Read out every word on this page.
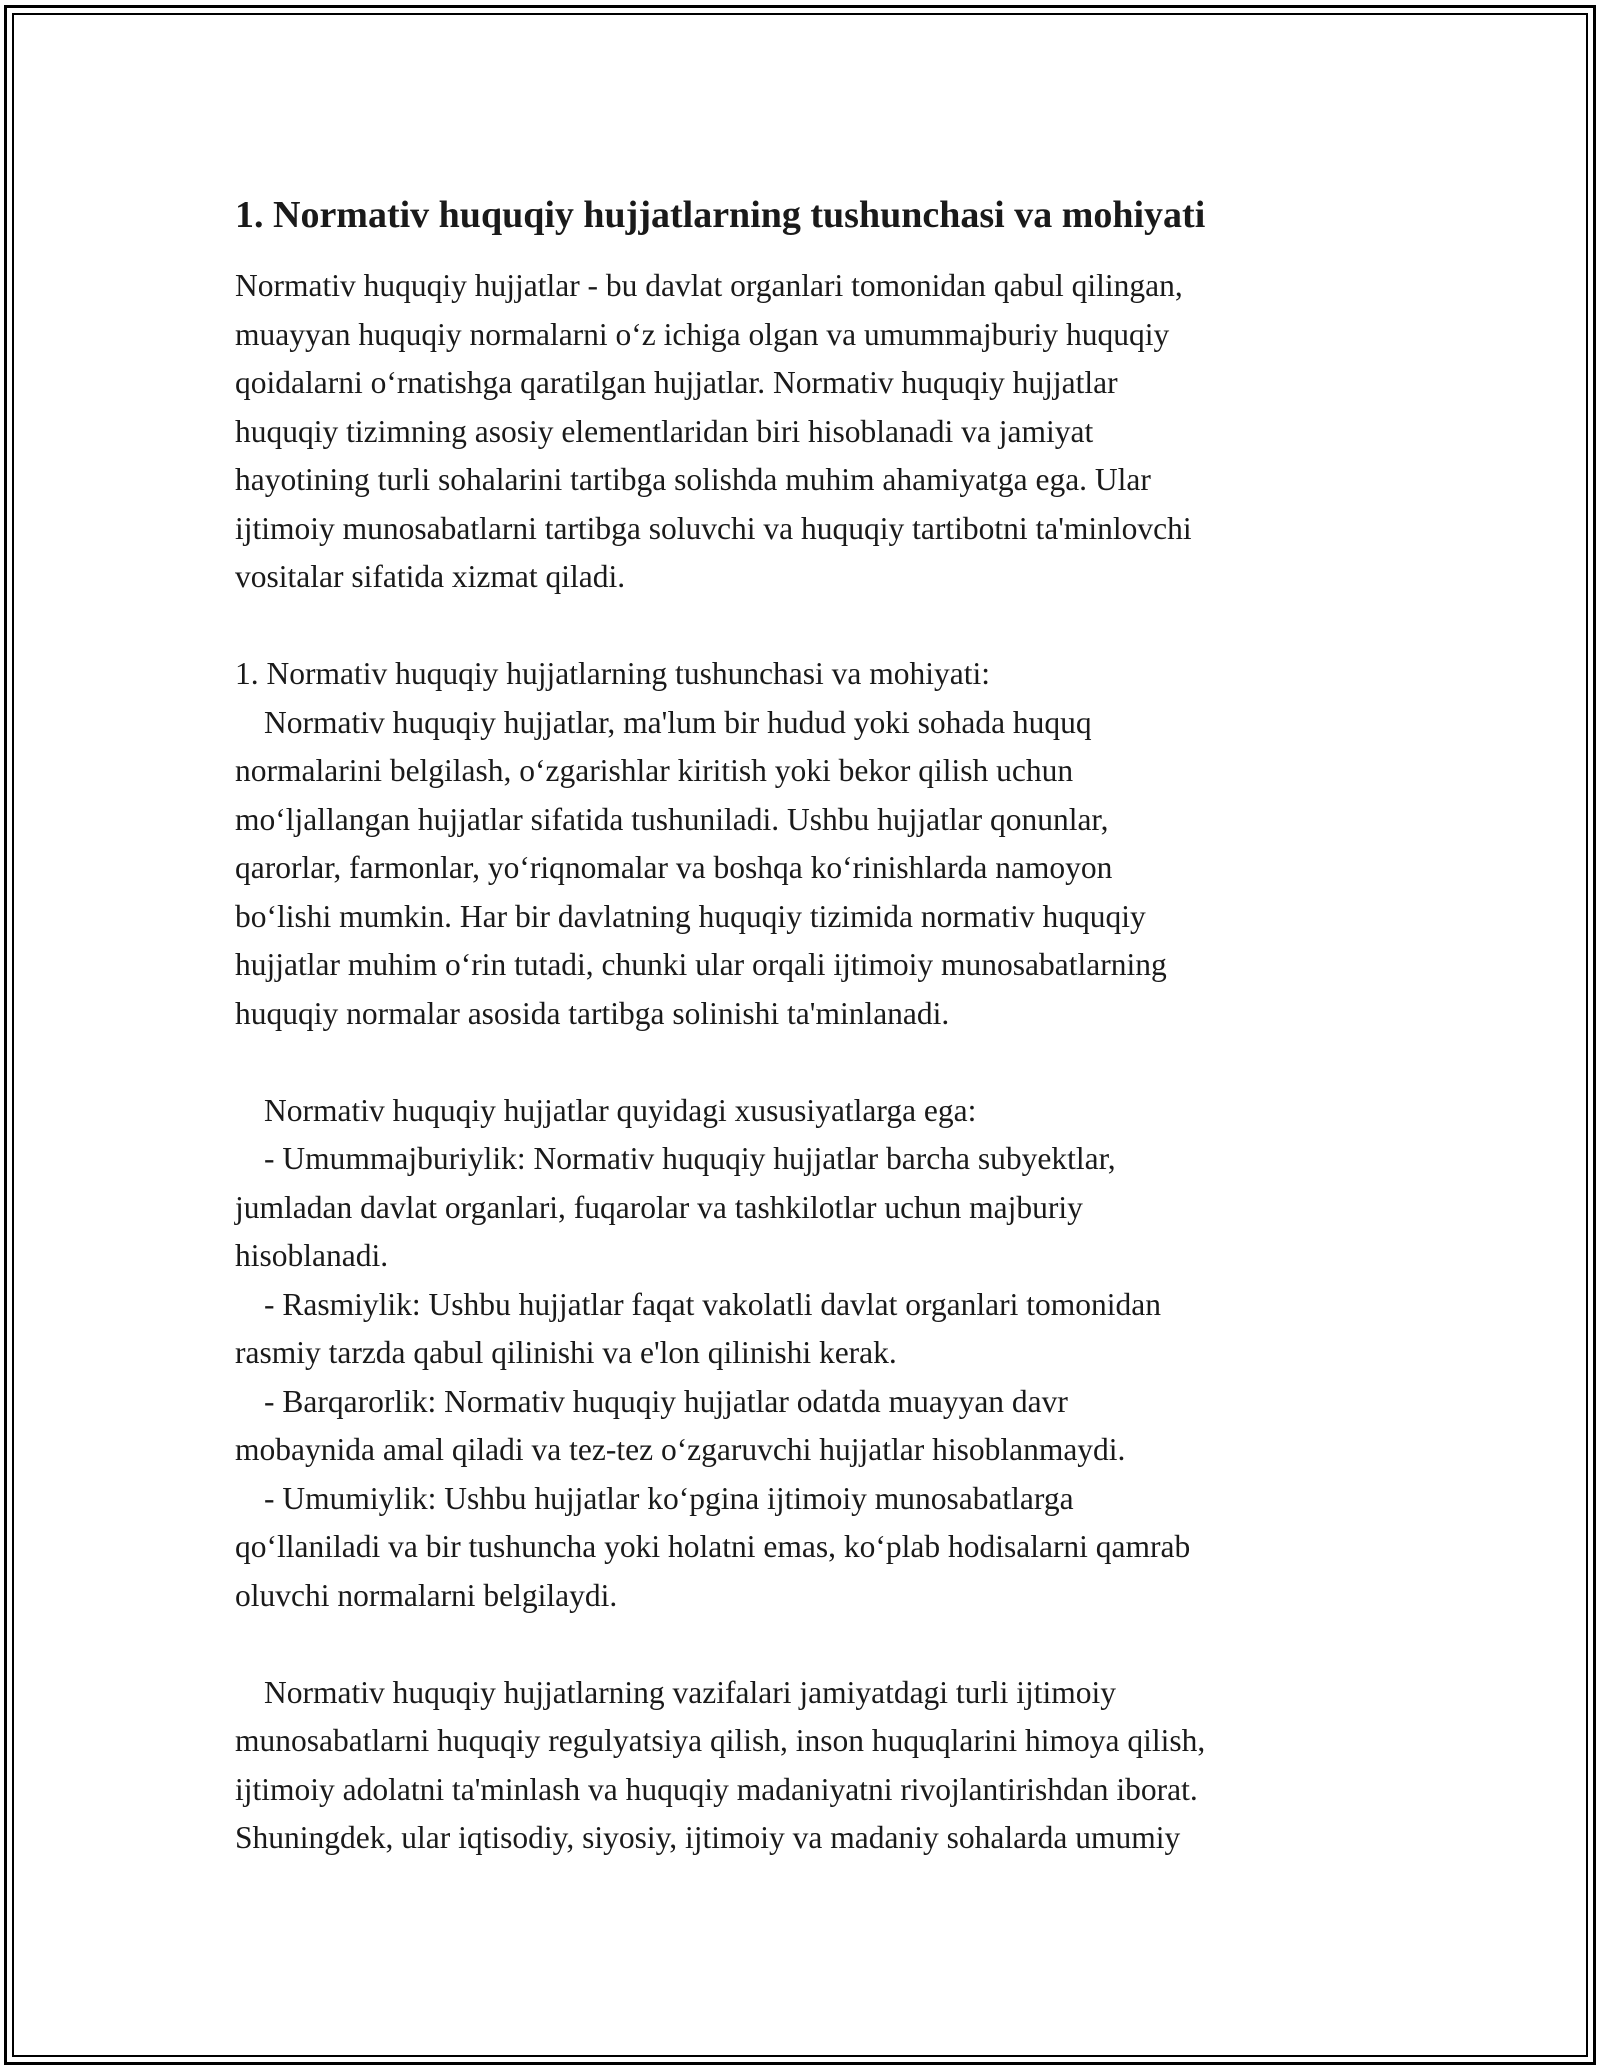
1. Normativ huquqiy hujjatlarning tushunchasi va mohiyati
Normativ huquqiy hujjatlar - bu davlat organlari tomonidan qabul qilingan,
muayyan huquqiy normalarni oʻz ichiga olgan va umummajburiy huquqiy
qoidalarni oʻrnatishga qaratilgan hujjatlar. Normativ huquqiy hujjatlar
huquqiy tizimning asosiy elementlaridan biri hisoblanadi va jamiyat
hayotining turli sohalarini tartibga solishda muhim ahamiyatga ega. Ular
ijtimoiy munosabatlarni tartibga soluvchi va huquqiy tartibotni ta'minlovchi
vositalar sifatida xizmat qiladi.
1. Normativ huquqiy hujjatlarning tushunchasi va mohiyati:
Normativ huquqiy hujjatlar, ma'lum bir hudud yoki sohada huquq
normalarini belgilash, oʻzgarishlar kiritish yoki bekor qilish uchun
moʻljallangan hujjatlar sifatida tushuniladi. Ushbu hujjatlar qonunlar,
qarorlar, farmonlar, yoʻriqnomalar va boshqa koʻrinishlarda namoyon
boʻlishi mumkin. Har bir davlatning huquqiy tizimida normativ huquqiy
hujjatlar muhim oʻrin tutadi, chunki ular orqali ijtimoiy munosabatlarning
huquqiy normalar asosida tartibga solinishi ta'minlanadi.
Normativ huquqiy hujjatlar quyidagi xususiyatlarga ega:
- Umummajburiylik: Normativ huquqiy hujjatlar barcha subyektlar,
jumladan davlat organlari, fuqarolar va tashkilotlar uchun majburiy
hisoblanadi.
- Rasmiylik: Ushbu hujjatlar faqat vakolatli davlat organlari tomonidan
rasmiy tarzda qabul qilinishi va e'lon qilinishi kerak.
- Barqarorlik: Normativ huquqiy hujjatlar odatda muayyan davr
mobaynida amal qiladi va tez-tez oʻzgaruvchi hujjatlar hisoblanmaydi.
- Umumiylik: Ushbu hujjatlar koʻpgina ijtimoiy munosabatlarga
qoʻllaniladi va bir tushuncha yoki holatni emas, koʻplab hodisalarni qamrab
oluvchi normalarni belgilaydi.
Normativ huquqiy hujjatlarning vazifalari jamiyatdagi turli ijtimoiy
munosabatlarni huquqiy regulyatsiya qilish, inson huquqlarini himoya qilish,
ijtimoiy adolatni ta'minlash va huquqiy madaniyatni rivojlantirishdan iborat.
Shuningdek, ular iqtisodiy, siyosiy, ijtimoiy va madaniy sohalarda umumiy
